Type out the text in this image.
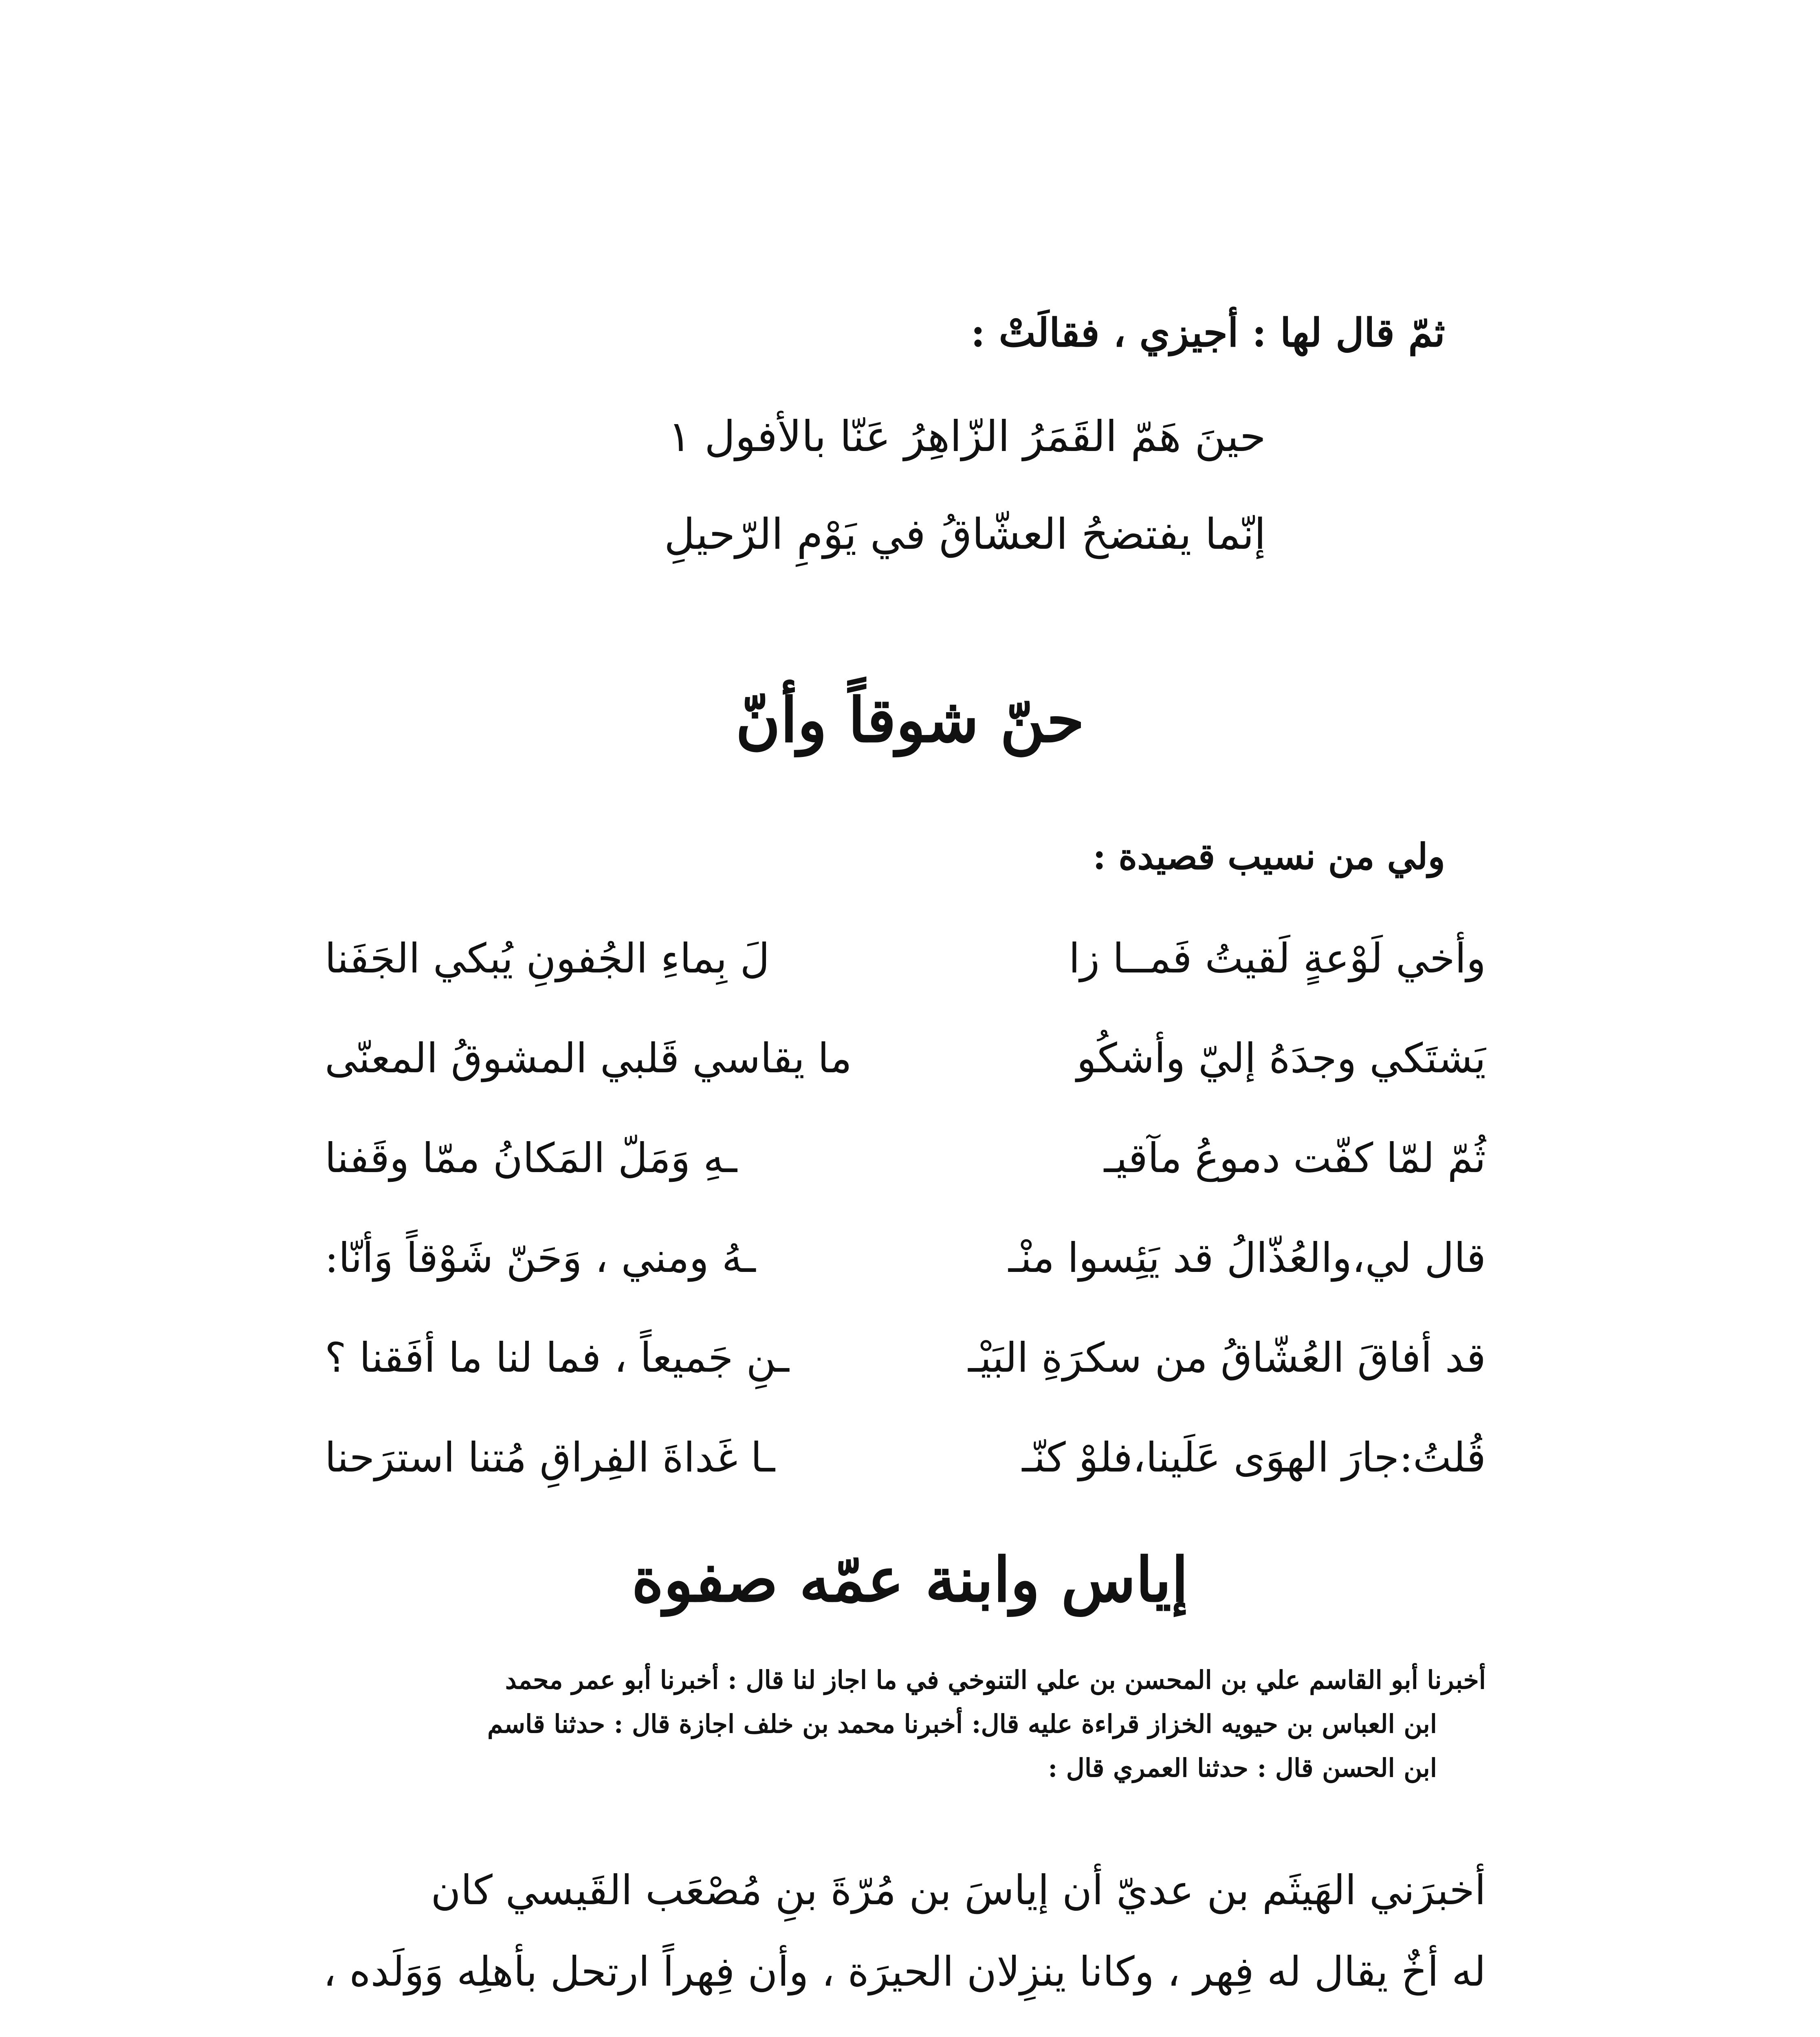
ثمّ قال لها : أجيزي ، فقالَتْ :
حينَ هَمّ القَمَرُ الزّاهِرُ عَنّا بالأفول ١
إنّما يفتضحُ العشّاقُ في يَوْمِ الرّحيلِ
حنّ شوقاً وأنّ
ولي من نسيب قصيدة :
وأخي لَوْعةٍ لَقيتُ فَمــا زا
لَ بِماءِ الجُفونِ يُبكي الجَفَنا
يَشتَكي وجدَهُ إليّ وأشكُو
ما يقاسي قَلبي المشوقُ المعنّى
ثُمّ لمّا كفّت دموعُ مآقيـ
ـهِ وَمَلّ المَكانُ ممّا وقَفنا
قال لي،والعُذّالُ قد يَئِسوا منْـ
ـهُ ومني ، وَحَنّ شَوْقاً وَأنّا:
قد أفاقَ العُشّاقُ من سكرَةِ البَيْـ
ـنِ جَميعاً ، فما لنا ما أفَقنا ؟
قُلتُ:جارَ الهوَى عَلَينا،فلوْ كنّـ
ـا غَداةَ الفِراقِ مُتنا استرَحنا
إياس وابنة عمّه صفوة
أخبرنا أبو القاسم علي بن المحسن بن علي التنوخي في ما اجاز لنا قال : أخبرنا أبو عمر محمد
ابن العباس بن حيويه الخزاز قراءة عليه قال: أخبرنا محمد بن خلف اجازة قال : حدثنا قاسم
ابن الحسن قال : حدثنا العمري قال :
أخبرَني الهَيثَم بن عديّ أن إياسَ بن مُرّةَ بنِ مُصْعَب القَيسي كان
له أخٌ يقال له فِهر ، وكانا ينزِلان الحيرَة ، وأن فِهراً ارتحل بأهلِه وَوَلَده ،
